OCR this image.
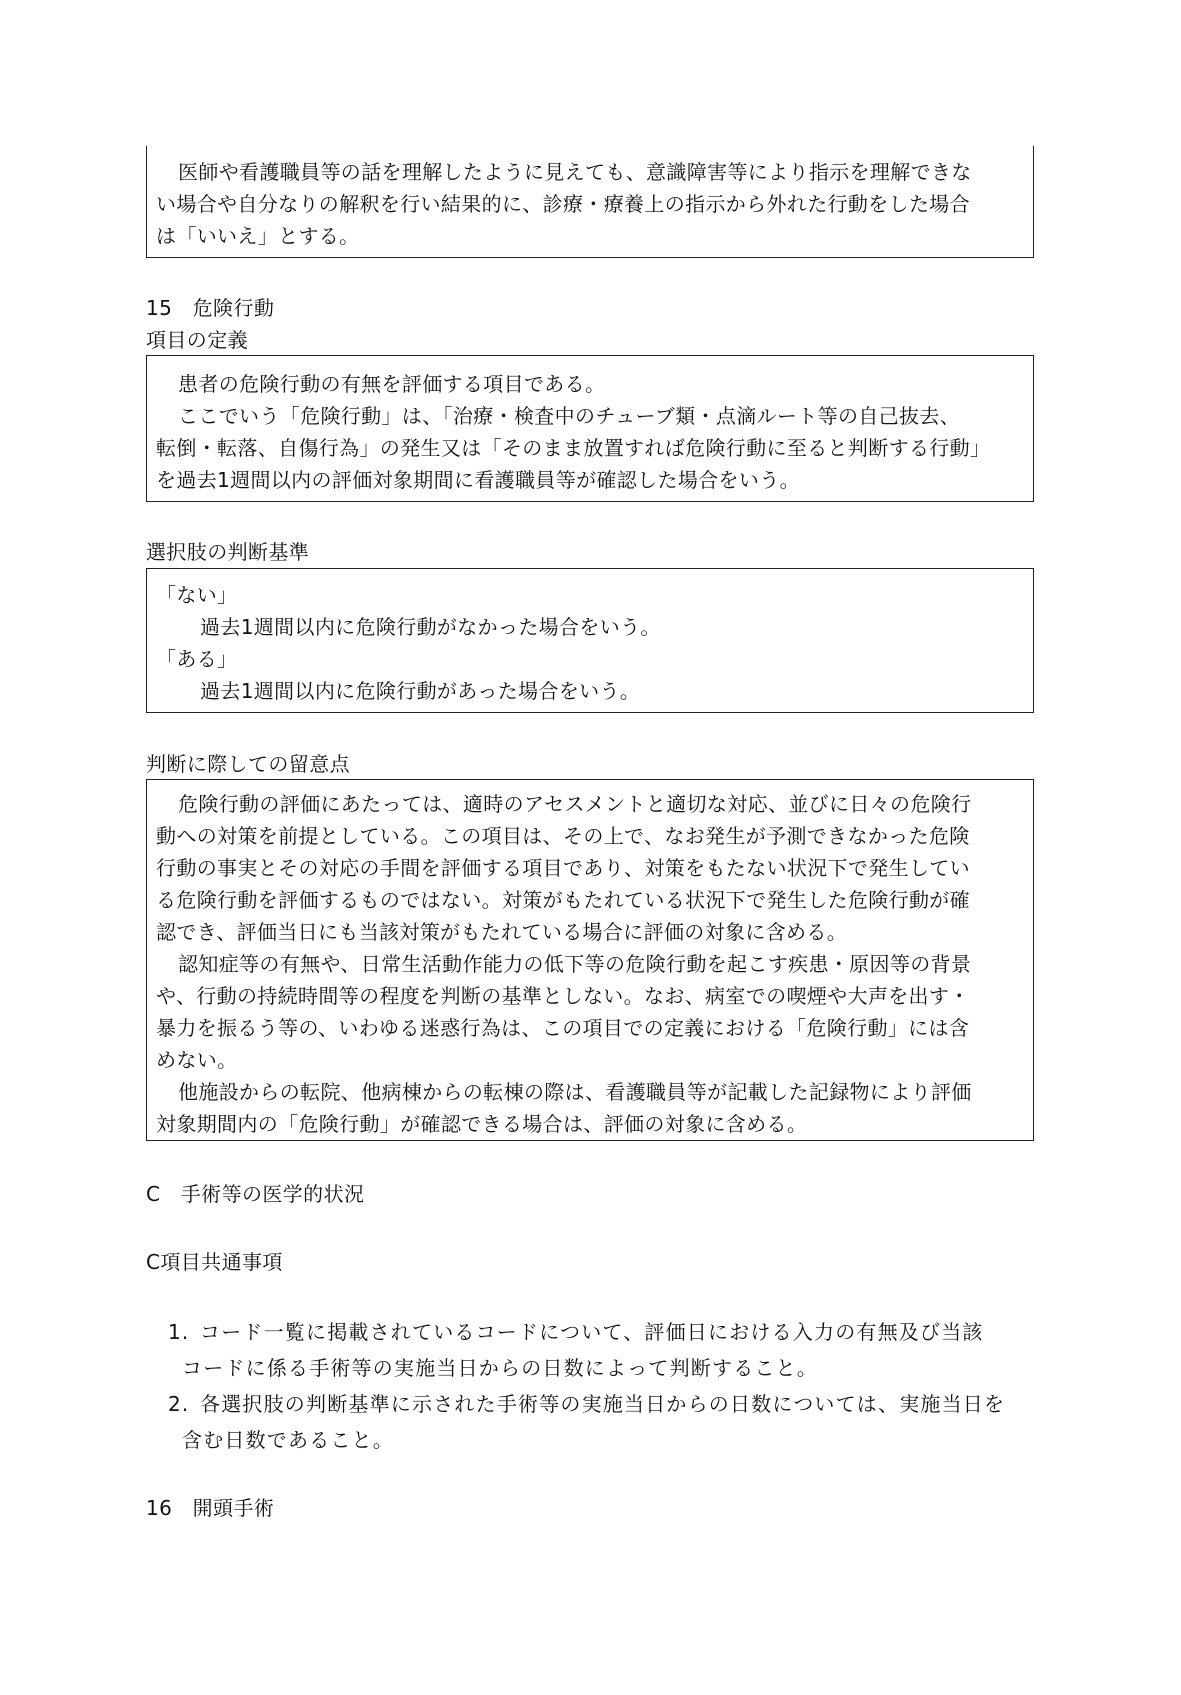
医師や看護職員等の話を理解したように見えても、意識障害等により指示を理解できな

い場合や自分なりの解釈を行い結果的に、診療・療養上の指示から外れた行動をした場合

は「いいえ」とする。

15　危険行動

項目の定義

患者の危険行動の有無を評価する項目である。

ここでいう「危険行動」は、「治療・検査中のチューブ類・点滴ルート等の自己抜去、

転倒・転落、自傷行為」の発生又は「そのまま放置すれば危険行動に至ると判断する行動」

を過去1週間以内の評価対象期間に看護職員等が確認した場合をいう。

選択肢の判断基準

「ない」

過去1週間以内に危険行動がなかった場合をいう。

「ある」

過去1週間以内に危険行動があった場合をいう。

判断に際しての留意点

危険行動の評価にあたっては、適時のアセスメントと適切な対応、並びに日々の危険行

動への対策を前提としている。この項目は、その上で、なお発生が予測できなかった危険

行動の事実とその対応の手間を評価する項目であり、対策をもたない状況下で発生してい

る危険行動を評価するものではない。対策がもたれている状況下で発生した危険行動が確

認でき、評価当日にも当該対策がもたれている場合に評価の対象に含める。

認知症等の有無や、日常生活動作能力の低下等の危険行動を起こす疾患・原因等の背景

や、行動の持続時間等の程度を判断の基準としない。なお、病室での喫煙や大声を出す・

暴力を振るう等の、いわゆる迷惑行為は、この項目での定義における「危険行動」には含

めない。

他施設からの転院、他病棟からの転棟の際は、看護職員等が記載した記録物により評価

対象期間内の「危険行動」が確認できる場合は、評価の対象に含める。

C　手術等の医学的状況

C項目共通事項

1. コード一覧に掲載されているコードについて、評価日における入力の有無及び当該
コードに係る手術等の実施当日からの日数によって判断すること。
2. 各選択肢の判断基準に示された手術等の実施当日からの日数については、実施当日を
含む日数であること。

16　開頭手術
